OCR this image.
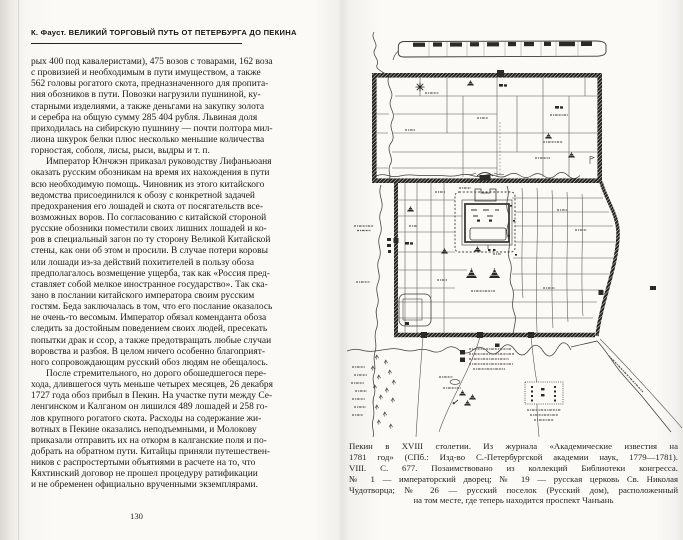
К. Фауст. ВЕЛИКИЙ ТОРГОВЫЙ ПУТЬ ОТ ПЕТЕРБУРГА ДО ПЕКИНА
рых 400 под кавалеристами), 475 возов с товарами, 162 воза
с провизией и необходимым в пути имуществом, а также
562 головы рогатого скота, предназначенного для пропита-
ния обозников в пути. Повозки нагрузили пушниной, ку-
старными изделиями, а также деньгами на закупку золота
и серебра на общую сумму 285 404 рубля. Львиная доля
приходилась на сибирскую пушнину — почти полтора мил-
лиона шкурок белки плюс несколько меньшие количества
горностая, соболя, лисы, рыси, выдры и т. п.
Император Юнчжэн приказал руководству Лифаньюаня
оказать русским обозникам на время их нахождения в пути
всю необходимую помощь. Чиновник из этого китайского
ведомства присоединился к обозу с конкретной задачей
предохранения его лошадей и скота от посягательств все-
возможных воров. По согласованию с китайской стороной
русские обозники поместили своих лишних лошадей и ко-
ров в специальный загон по ту сторону Великой Китайской
стены, как они об этом и просили. В случае потери коровы
или лошади из-за действий похитителей в пользу обоза
предполагалось возмещение ущерба, так как «Россия пред-
ставляет собой мелкое иностранное государство». Так ска-
зано в послании китайского императора своим русским
гостям. Беда заключалась в том, что его послание оказалось
не очень-то весомым. Император обязал коменданта обоза
следить за достойным поведением своих людей, пресекать
попытки драк и ссор, а также предотвращать любые случаи
воровства и разбоя. В целом ничего особенно благоприят-
ного сопровождающим русский обоз людям не обещалось.
После стремительного, но дорого обошедшегося пере-
хода, длившегося чуть меньше четырех месяцев, 26 декабря
1727 года обоз прибыл в Пекин. На участке пути между Се-
ленгинском и Калганом он лишился 489 лошадей и 258 го-
лов крупного рогатого скота. Расходы на содержание жи-
вотных в Пекине оказались неподъемными, и Молокову
приказали отправить их на откорм в калганские поля и по-
добрать на обратном пути. Китайцы приняли путешествен-
ников с распростертыми объятиями в расчете на то, что
Кяхтинский договор не прошел процедуру ратификации
и не обременен официально врученными экземплярами.
130
Пекин в XVIII столетии. Из журнала «Академические известия на
1781 год» (СПб.: Изд-во С.-Петербургской академии наук, 1779—1781).
VIII. С. 677. Позаимствовано из коллекций Библиотеки конгресса.
№ 1 — императорский дворец; № 19 — русская церковь Св. Николая
Чудотворца; № 26 — русский поселок (Русский дом), расположенный
на том месте, где теперь находится проспект Чанъань
